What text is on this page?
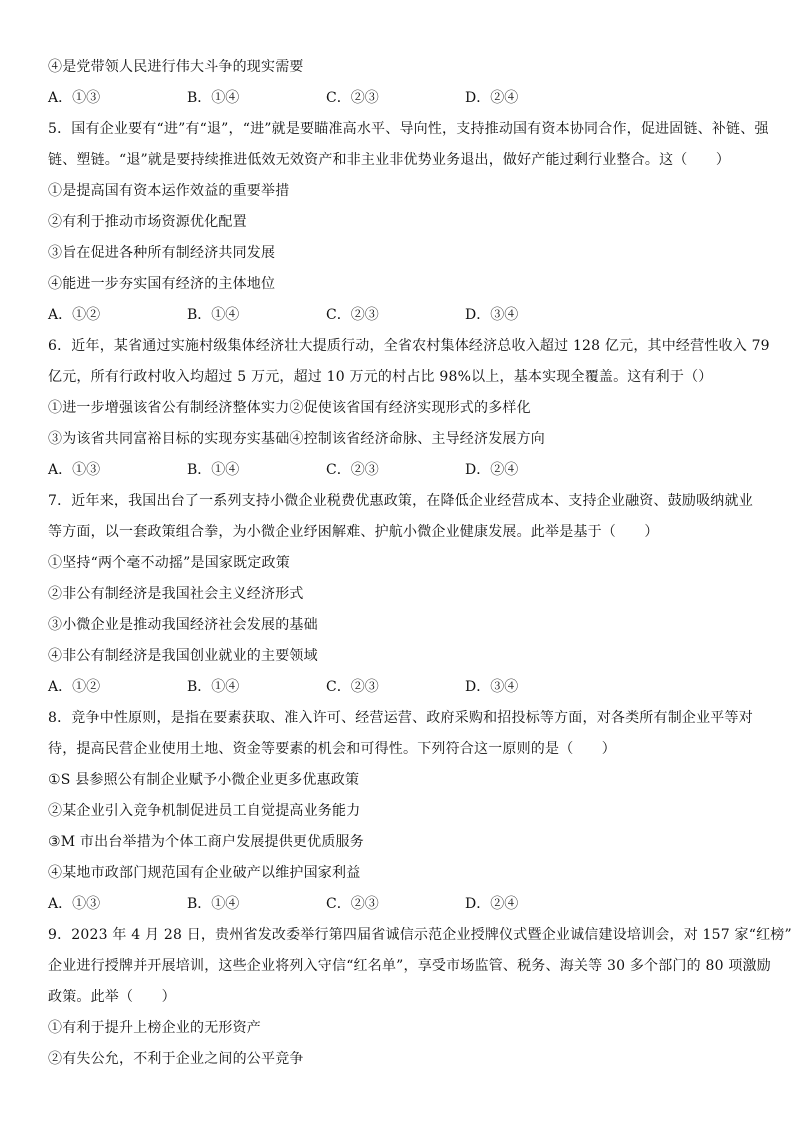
④是党带领人民进行伟大斗争的现实需要
A．①③	B．①④	C．②③	D．②④
5．国有企业要有“进”有“退”，“进”就是要瞄准高水平、导向性，支持推动国有资本协同合作，促进固链、补链、强
链、塑链。“退”就是要持续推进低效无效资产和非主业非优势业务退出，做好产能过剩行业整合。这（　　）
①是提高国有资本运作效益的重要举措
②有利于推动市场资源优化配置
③旨在促进各种所有制经济共同发展
④能进一步夯实国有经济的主体地位
A．①②	B．①④	C．②③	D．③④
6．近年，某省通过实施村级集体经济壮大提质行动，全省农村集体经济总收入超过 128 亿元，其中经营性收入 79
亿元，所有行政村收入均超过 5 万元，超过 10 万元的村占比 98%以上，基本实现全覆盖。这有利于（）
①进一步增强该省公有制经济整体实力②促使该省国有经济实现形式的多样化
③为该省共同富裕目标的实现夯实基础④控制该省经济命脉、主导经济发展方向
A．①③	B．①④	C．②③	D．②④
7．近年来，我国出台了一系列支持小微企业税费优惠政策，在降低企业经营成本、支持企业融资、鼓励吸纳就业
等方面，以一套政策组合拳，为小微企业纾困解难、护航小微企业健康发展。此举是基于（　　）
①坚持“两个毫不动摇”是国家既定政策
②非公有制经济是我国社会主义经济形式
③小微企业是推动我国经济社会发展的基础
④非公有制经济是我国创业就业的主要领域
A．①②	B．①④	C．②③	D．③④
8．竞争中性原则，是指在要素获取、准入许可、经营运营、政府采购和招投标等方面，对各类所有制企业平等对
待，提高民营企业使用土地、资金等要素的机会和可得性。下列符合这一原则的是（　　）
①S 县参照公有制企业赋予小微企业更多优惠政策
②某企业引入竞争机制促进员工自觉提高业务能力
③M 市出台举措为个体工商户发展提供更优质服务
④某地市政部门规范国有企业破产以维护国家利益
A．①③	B．①④	C．②③	D．②④
9．2023 年 4 月 28 日，贵州省发改委举行第四届省诚信示范企业授牌仪式暨企业诚信建设培训会，对 157 家“红榜”
企业进行授牌并开展培训，这些企业将列入守信“红名单”，享受市场监管、税务、海关等 30 多个部门的 80 项激励
政策。此举（　　）
①有利于提升上榜企业的无形资产
②有失公允，不利于企业之间的公平竞争
